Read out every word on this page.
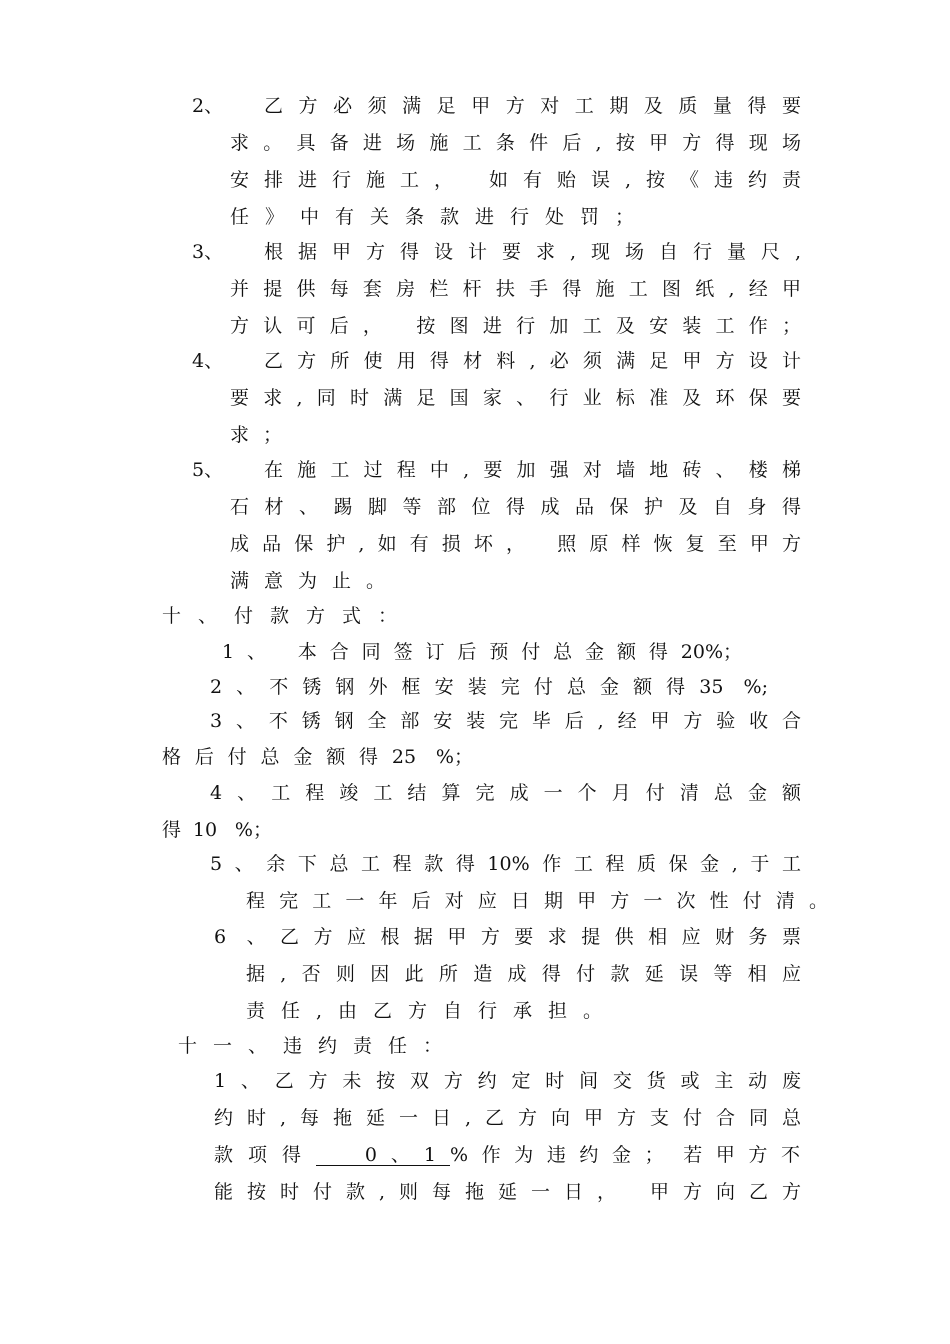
2、 乙方必须满足甲方对工期及质量得要
求。具备进场施工条件后,按甲方得现场
安排进行施工， 如有贻误,按《违约责
任》中有关条款进行处罚；
3、 根据甲方得设计要求,现场自行量尺,
并提供每套房栏杆扶手得施工图纸,经甲
方认可后， 按图进行加工及安装工作；
4、 乙方所使用得材料,必须满足甲方设计
要求,同时满足国家、行业标准及环保要
求；
5、 在施工过程中,要加强对墙地砖、楼梯
石材、踢脚等部位得成品保护及自身得
成品保护,如有损坏， 照原样恢复至甲方
满意为止。
十、付款方式：
1、 本合同签订后预付总金额得20%；
2、不锈钢外框安装完付总金额得35 %;
3、不锈钢全部安装完毕后,经甲方验收合
格后付总金额得25 %；
4、工程竣工结算完成一个月付清总金额
得10 %；
5、余下总工程款得10%作工程质保金,于工
程完工一年后对应日期甲方一次性付清。
6 、乙方应根据甲方要求提供相应财务票
据,否则因此所造成得付款延误等相应
责任,由乙方自行承担。
十一、违约责任：
1、乙方未按双方约定时间交货或主动废
约时,每拖延一日,乙方向甲方支付合同总
款项得	0、1%作为违约金； 若甲方不
能按时付款,则每拖延一日， 甲方向乙方
